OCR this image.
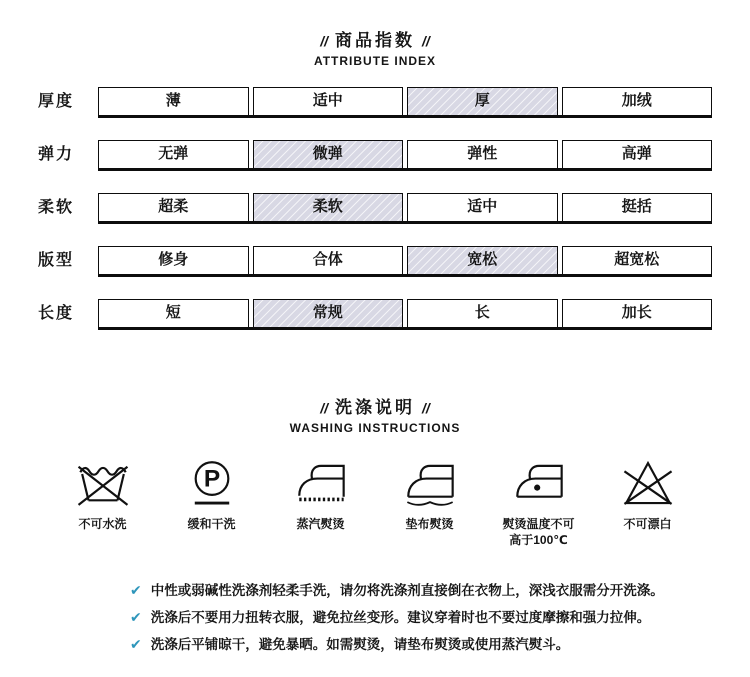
// 商品指数 //
ATTRIBUTE INDEX
厚度	薄	适中	厚	加绒
弹力	无弹	微弹	弹性	高弹
柔软	超柔	柔软	适中	挺括
版型	修身	合体	宽松	超宽松
长度	短	常规	长	加长
// 洗涤说明 //
WASHING INSTRUCTIONS
不可水洗
P
缓和干洗	蒸汽熨烫	垫布熨烫	熨烫温度不可
高于100℃
不可漂白
✔ 中性或弱碱性洗涤剂轻柔手洗，请勿将洗涤剂直接倒在衣物上，深浅衣服需分开洗涤。
✔ 洗涤后不要用力扭转衣服，避免拉丝变形。建议穿着时也不要过度摩擦和强力拉伸。
✔ 洗涤后平铺晾干，避免暴晒。如需熨烫，请垫布熨烫或使用蒸汽熨斗。
